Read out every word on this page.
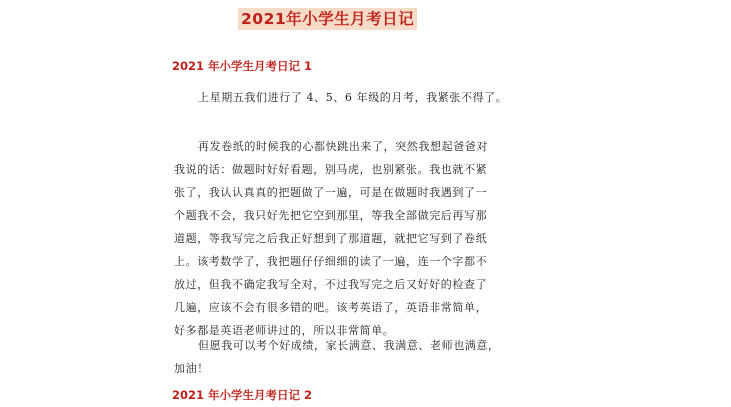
2021年小学生月考日记
2021 年小学生月考日记 1
上星期五我们进行了 4、5、6 年级的月考，我紧张不得了。
再发卷纸的时候我的心都快跳出来了，突然我想起爸爸对
我说的话：做题时好好看题，别马虎，也别紧张。我也就不紧
张了，我认认真真的把题做了一遍，可是在做题时我遇到了一
个题我不会，我只好先把它空到那里，等我全部做完后再写那
道题，等我写完之后我正好想到了那道题，就把它写到了卷纸
上。该考数学了，我把题仔仔细细的读了一遍，连一个字都不
放过，但我不确定我写全对，不过我写完之后又好好的检查了
几遍，应该不会有很多错的吧。该考英语了，英语非常简单，
好多都是英语老师讲过的，所以非常简单。
但愿我可以考个好成绩，家长满意、我满意、老师也满意，
加油！
2021 年小学生月考日记 2
